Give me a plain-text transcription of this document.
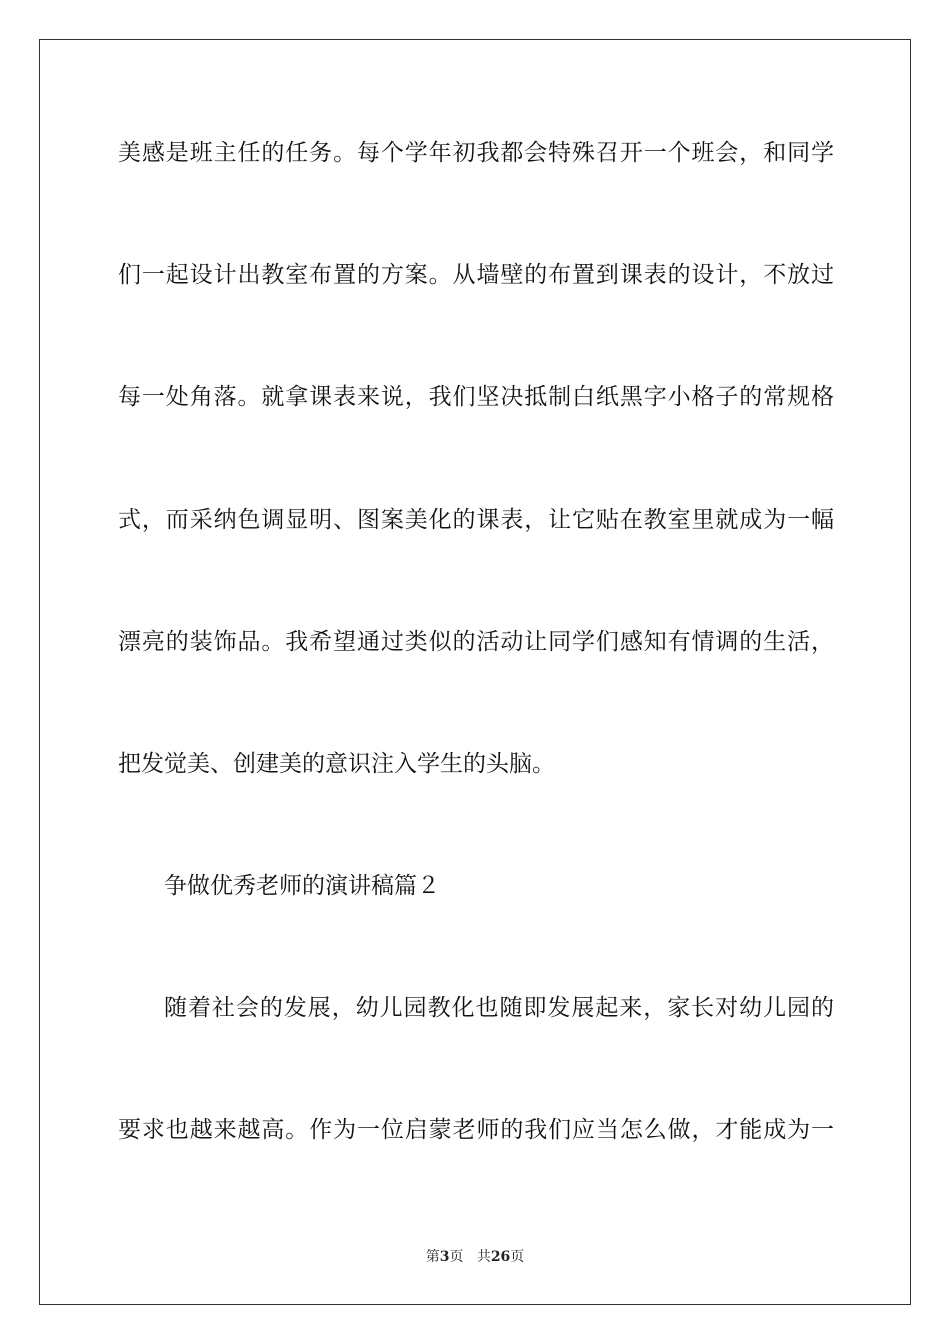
美感是班主任的任务。每个学年初我都会特殊召开一个班会，和同学
们一起设计出教室布置的方案。从墙壁的布置到课表的设计，不放过
每一处角落。就拿课表来说，我们坚决抵制白纸黑字小格子的常规格
式，而采纳色调显明、图案美化的课表，让它贴在教室里就成为一幅
漂亮的装饰品。我希望通过类似的活动让同学们感知有情调的生活，
把发觉美、创建美的意识注入学生的头脑。
争做优秀老师的演讲稿篇２
随着社会的发展，幼儿园教化也随即发展起来，家长对幼儿园的
要求也越来越高。作为一位启蒙老师的我们应当怎么做，才能成为一
第3页 共26页
